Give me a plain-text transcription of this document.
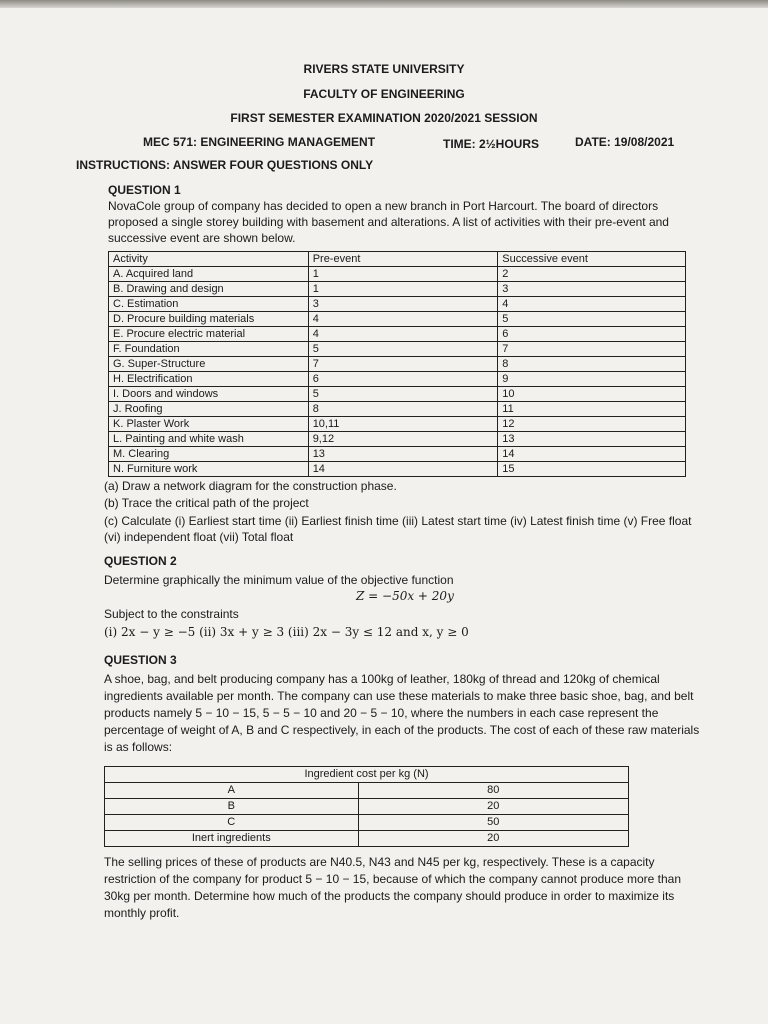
RIVERS STATE UNIVERSITY
FACULTY OF ENGINEERING
FIRST SEMESTER EXAMINATION 2020/2021 SESSION
MEC 571: ENGINEERING MANAGEMENT	TIME: 2½HOURS	DATE: 19/08/2021
INSTRUCTIONS: ANSWER FOUR QUESTIONS ONLY
QUESTION 1

NovaCole group of company has decided to open a new branch in Port Harcourt. The board of directors proposed a single storey building with basement and alterations. A list of activities with their pre-event and successive event are shown below.

Activity	Pre-event	Successive event
A. Acquired land	1	2
B. Drawing and design	1	3
C. Estimation	3	4
D. Procure building materials	4	5
E. Procure electric material	4	6
F. Foundation	5	7
G. Super-Structure	7	8
H. Electrification	6	9
I. Doors and windows	5	10
J. Roofing	8	11
K. Plaster Work	10,11	12
L. Painting and white wash	9,12	13
M. Clearing	13	14
N. Furniture work	14	15

(a) Draw a network diagram for the construction phase.

(b) Trace the critical path of the project

(c) Calculate (i) Earliest start time (ii) Earliest finish time (iii) Latest start time (iv) Latest finish time (v) Free float (vi) independent float (vii) Total float

QUESTION 2

Determine graphically the minimum value of the objective function

Z = −50x + 20y

Subject to the constraints

(i) 2x − y ≥ −5 (ii) 3x + y ≥ 3 (iii) 2x − 3y ≤ 12 and x, y ≥ 0

QUESTION 3

A shoe, bag, and belt producing company has a 100kg of leather, 180kg of thread and 120kg of chemical ingredients available per month. The company can use these materials to make three basic shoe, bag, and belt products namely 5 − 10 − 15, 5 − 5 − 10 and 20 − 5 − 10, where the numbers in each case represent the percentage of weight of A, B and C respectively, in each of the products. The cost of each of these raw materials is as follows:

Ingredient cost per kg (N)	
A	80
B	20
C	50
Inert ingredients	20

The selling prices of these of products are N40.5, N43 and N45 per kg, respectively. These is a capacity restriction of the company for product 5 − 10 − 15, because of which the company cannot produce more than 30kg per month. Determine how much of the products the company should produce in order to maximize its monthly profit.
